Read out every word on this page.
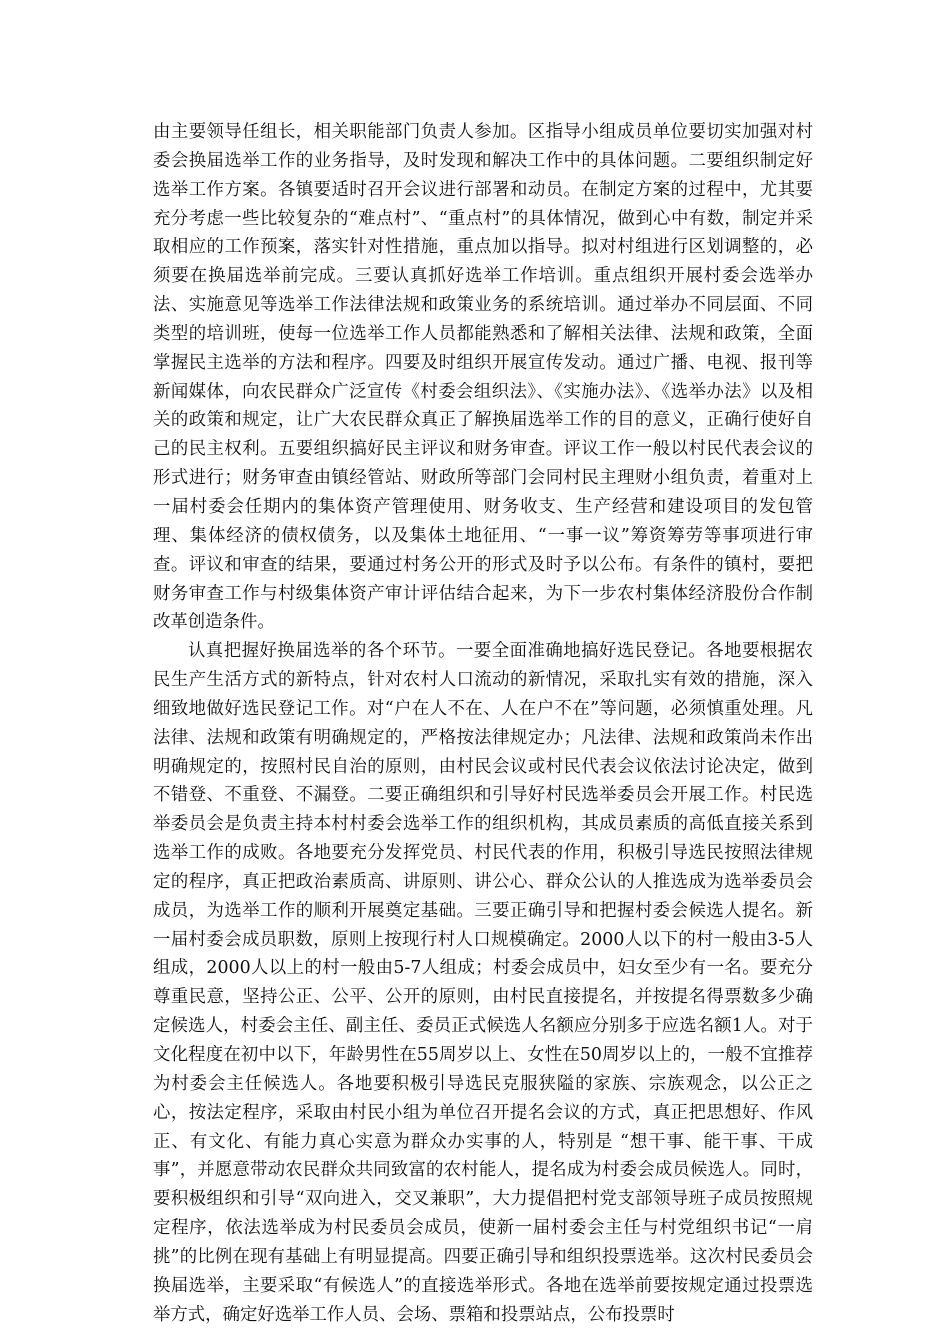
由主要领导任组长，相关职能部门负责人参加。区指导小组成员单位要切实加强对村委会换届选举工作的业务指导，及时发现和解决工作中的具体问题。二要组织制定好选举工作方案。各镇要适时召开会议进行部署和动员。在制定方案的过程中，尤其要充分考虑一些比较复杂的“难点村”、“重点村”的具体情况，做到心中有数，制定并采取相应的工作预案，落实针对性措施，重点加以指导。拟对村组进行区划调整的，必须要在换届选举前完成。三要认真抓好选举工作培训。重点组织开展村委会选举办法、实施意见等选举工作法律法规和政策业务的系统培训。通过举办不同层面、不同类型的培训班，使每一位选举工作人员都能熟悉和了解相关法律、法规和政策，全面掌握民主选举的方法和程序。四要及时组织开展宣传发动。通过广播、电视、报刊等新闻媒体，向农民群众广泛宣传《村委会组织法》、《实施办法》、《选举办法》以及相关的政策和规定，让广大农民群众真正了解换届选举工作的目的意义，正确行使好自己的民主权利。五要组织搞好民主评议和财务审查。评议工作一般以村民代表会议的形式进行；财务审查由镇经管站、财政所等部门会同村民主理财小组负责，着重对上一届村委会任期内的集体资产管理使用、财务收支、生产经营和建设项目的发包管理、集体经济的债权债务，以及集体土地征用、“一事一议”筹资筹劳等事项进行审查。评议和审查的结果，要通过村务公开的形式及时予以公布。有条件的镇村，要把财务审查工作与村级集体资产审计评估结合起来，为下一步农村集体经济股份合作制改革创造条件。

认真把握好换届选举的各个环节。一要全面准确地搞好选民登记。各地要根据农民生产生活方式的新特点，针对农村人口流动的新情况，采取扎实有效的措施，深入细致地做好选民登记工作。对“户在人不在、人在户不在”等问题，必须慎重处理。凡法律、法规和政策有明确规定的，严格按法律规定办；凡法律、法规和政策尚未作出明确规定的，按照村民自治的原则，由村民会议或村民代表会议依法讨论决定，做到不错登、不重登、不漏登。二要正确组织和引导好村民选举委员会开展工作。村民选举委员会是负责主持本村村委会选举工作的组织机构，其成员素质的高低直接关系到选举工作的成败。各地要充分发挥党员、村民代表的作用，积极引导选民按照法律规定的程序，真正把政治素质高、讲原则、讲公心、群众公认的人推选成为选举委员会成员，为选举工作的顺利开展奠定基础。三要正确引导和把握村委会候选人提名。新一届村委会成员职数，原则上按现行村人口规模确定。2000人以下的村一般由3-5人组成，2000人以上的村一般由5-7人组成；村委会成员中，妇女至少有一名。要充分尊重民意，坚持公正、公平、公开的原则，由村民直接提名，并按提名得票数多少确定候选人，村委会主任、副主任、委员正式候选人名额应分别多于应选名额1人。对于文化程度在初中以下，年龄男性在55周岁以上、女性在50周岁以上的，一般不宜推荐为村委会主任候选人。各地要积极引导选民克服狭隘的家族、宗族观念，以公正之心，按法定程序，采取由村民小组为单位召开提名会议的方式，真正把思想好、作风正、有文化、有能力真心实意为群众办实事的人，特别是 “想干事、能干事、干成事”，并愿意带动农民群众共同致富的农村能人，提名成为村委会成员候选人。同时，要积极组织和引导“双向进入，交叉兼职”，大力提倡把村党支部领导班子成员按照规定程序，依法选举成为村民委员会成员，使新一届村委会主任与村党组织书记“一肩挑”的比例在现有基础上有明显提高。四要正确引导和组织投票选举。这次村民委员会换届选举，主要采取“有候选人”的直接选举形式。各地在选举前要按规定通过投票选举方式，确定好选举工作人员、会场、票箱和投票站点，公布投票时
